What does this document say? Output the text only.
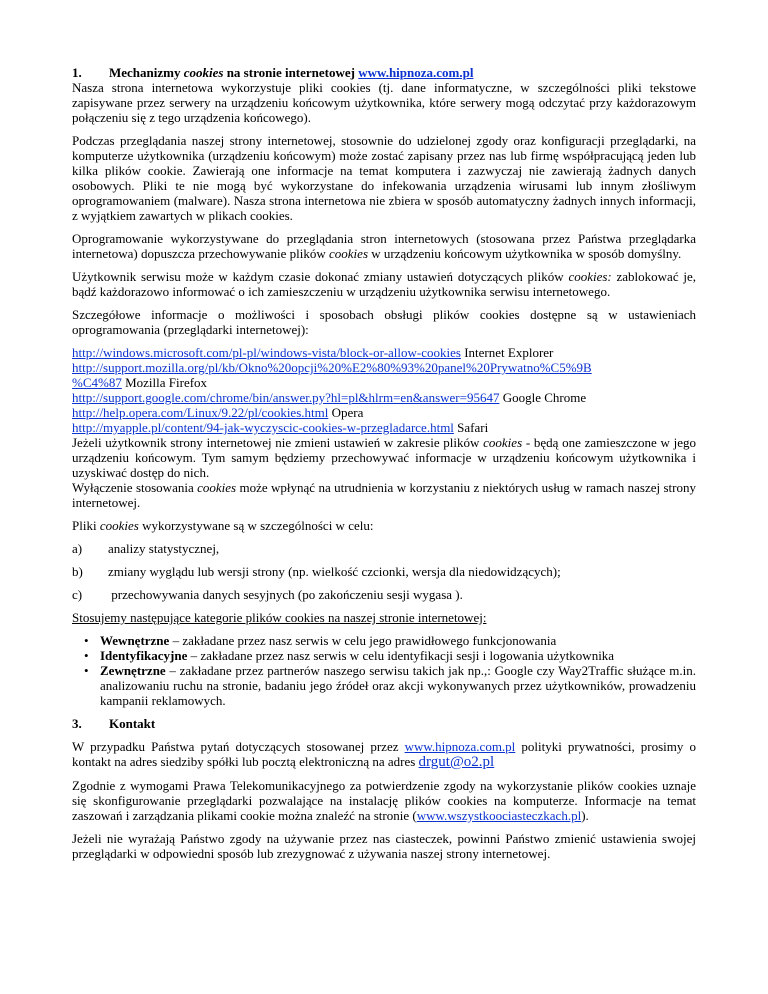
1.	Mechanizmy cookies na stronie internetowej www.hipnoza.com.pl

Nasza strona internetowa wykorzystuje pliki cookies (tj. dane informatyczne, w szczególności pliki tekstowe zapisywane przez serwery na urządzeniu końcowym użytkownika, które serwery mogą odczytać przy każdorazowym połączeniu się z tego urządzenia końcowego).

Podczas przeglądania naszej strony internetowej, stosownie do udzielonej zgody oraz konfiguracji przeglądarki, na komputerze użytkownika (urządzeniu końcowym) może zostać zapisany przez nas lub firmę współpracującą jeden lub kilka plików cookie. Zawierają one informacje na temat komputera i zazwyczaj nie zawierają żadnych danych osobowych. Pliki te nie mogą być wykorzystane do infekowania urządzenia wirusami lub innym złośliwym oprogramowaniem (malware). Nasza strona internetowa nie zbiera w sposób automatyczny żadnych innych informacji, z wyjątkiem zawartych w plikach cookies.

Oprogramowanie wykorzystywane do przeglądania stron internetowych (stosowana przez Państwa przeglądarka internetowa) dopuszcza przechowywanie plików cookies w urządzeniu końcowym użytkownika w sposób domyślny.

Użytkownik serwisu może w każdym czasie dokonać zmiany ustawień dotyczących plików cookies: zablokować je, bądź każdorazowo informować o ich zamieszczeniu w urządzeniu użytkownika serwisu internetowego.

Szczegółowe informacje o możliwości i sposobach obsługi plików cookies dostępne są w ustawieniach oprogramowania (przeglądarki internetowej):

http://windows.microsoft.com/pl-pl/windows-vista/block-or-allow-cookies Internet Explorer
http://support.mozilla.org/pl/kb/Okno%20opcji%20%E2%80%93%20panel%20Prywatno%C5%9B
%C4%87 Mozilla Firefox
http://support.google.com/chrome/bin/answer.py?hl=pl&hlrm=en&answer=95647 Google Chrome
http://help.opera.com/Linux/9.22/pl/cookies.html Opera
http://myapple.pl/content/94-jak-wyczyscic-cookies-w-przegladarce.html Safari

Jeżeli użytkownik strony internetowej nie zmieni ustawień w zakresie plików cookies - będą one zamieszczone w jego urządzeniu końcowym. Tym samym będziemy przechowywać informacje w urządzeniu końcowym użytkownika i uzyskiwać dostęp do nich.

Wyłączenie stosowania cookies może wpłynąć na utrudnienia w korzystaniu z niektórych usług w ramach naszej strony internetowej.

Pliki cookies wykorzystywane są w szczególności w celu:

a)	analizy statystycznej,
b)	zmiany wyglądu lub wersji strony (np. wielkość czcionki, wersja dla niedowidzących);
c)	przechowywania danych sesyjnych (po zakończeniu sesji wygasa ).

Stosujemy następujące kategorie plików cookies na naszej stronie internetowej:

• Wewnętrzne – zakładane przez nasz serwis w celu jego prawidłowego funkcjonowania
• Identyfikacyjne – zakładane przez nasz serwis w celu identyfikacji sesji i logowania użytkownika
• Zewnętrzne – zakładane przez partnerów naszego serwisu takich jak np.,: Google czy Way2Traffic służące m.in. analizowaniu ruchu na stronie, badaniu jego źródeł oraz akcji wykonywanych przez użytkowników, prowadzeniu kampanii reklamowych.
3.	Kontakt

W przypadku Państwa pytań dotyczących stosowanej przez www.hipnoza.com.pl polityki prywatności, prosimy o kontakt na adres siedziby spółki lub pocztą elektroniczną na adres drgut@o2.pl

Zgodnie z wymogami Prawa Telekomunikacyjnego za potwierdzenie zgody na wykorzystanie plików cookies uznaje się skonfigurowanie przeglądarki pozwalające na instalację plików cookies na komputerze. Informacje na temat zaszowań i zarządzania plikami cookie można znaleźć na stronie (www.wszystkoociasteczkach.pl).

Jeżeli nie wyrażają Państwo zgody na używanie przez nas ciasteczek, powinni Państwo zmienić ustawienia swojej przeglądarki w odpowiedni sposób lub zrezygnować z używania naszej strony internetowej.
